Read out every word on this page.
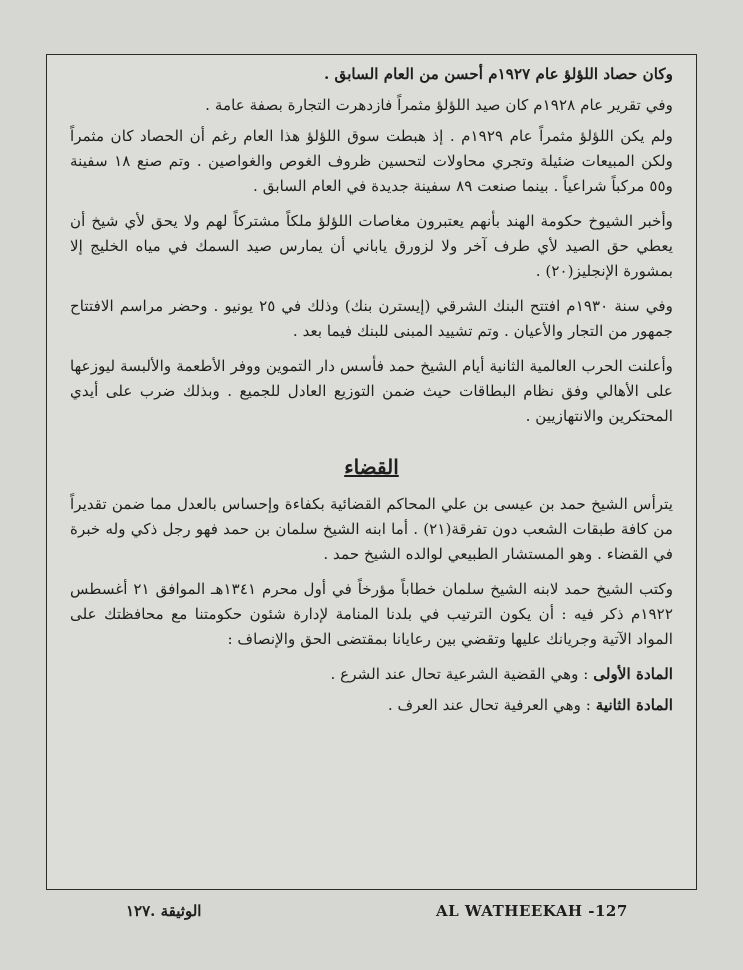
وكان حصاد اللؤلؤ عام ١٩٢٧م أحسن من العام السابق .

وفي تقرير عام ١٩٢٨م كان صيد اللؤلؤ مثمراً فازدهرت التجارة بصفة عامة .

ولم يكن اللؤلؤ مثمراً عام ١٩٢٩م . إذ هبطت سوق اللؤلؤ هذا العام رغم أن الحصاد كان مثمراً ولكن المبيعات ضئيلة وتجري محاولات لتحسين ظروف الغوص والغواصين . وتم صنع ١٨ سفينة و٥٥ مركباً شراعياً . بينما صنعت ٨٩ سفينة جديدة في العام السابق .

وأخبر الشيوخ حكومة الهند بأنهم يعتبرون مغاصات اللؤلؤ ملكاً مشتركاً لهم ولا يحق لأي شيخ أن يعطي حق الصيد لأي طرف آخر ولا لزورق ياباني أن يمارس صيد السمك في مياه الخليج إلا بمشورة الإنجليز(٢٠) .

وفي سنة ١٩٣٠م افتتح البنك الشرقي (إيسترن بنك) وذلك في ٢٥ يونيو . وحضر مراسم الافتتاح جمهور من التجار والأعيان . وتم تشييد المبنى للبنك فيما بعد .

وأعلنت الحرب العالمية الثانية أيام الشيخ حمد فأسس دار التموين ووفر الأطعمة والألبسة ليوزعها على الأهالي وفق نظام البطاقات حيث ضمن التوزيع العادل للجميع . وبذلك ضرب على أيدي المحتكرين والانتهازيين .

القضاء

يترأس الشيخ حمد بن عيسى بن علي المحاكم القضائية بكفاءة وإحساس بالعدل مما ضمن تقديراً من كافة طبقات الشعب دون تفرقة(٢١) . أما ابنه الشيخ سلمان بن حمد فهو رجل ذكي وله خبرة في القضاء . وهو المستشار الطبيعي لوالده الشيخ حمد .

وكتب الشيخ حمد لابنه الشيخ سلمان خطاباً مؤرخاً في أول محرم ١٣٤١هـ الموافق ٢١ أغسطس ١٩٢٢م ذكر فيه : أن يكون الترتيب في بلدنا المنامة لإدارة شئون حكومتنا مع محافظتك على المواد الآتية وجريانك عليها وتقضي بين رعايانا بمقتضى الحق والإنصاف :

المادة الأولى : وهي القضية الشرعية تحال عند الشرع .

المادة الثانية : وهي العرفية تحال عند العرف .

الوثيقة .١٢٧	AL WATHEEKAH -127
